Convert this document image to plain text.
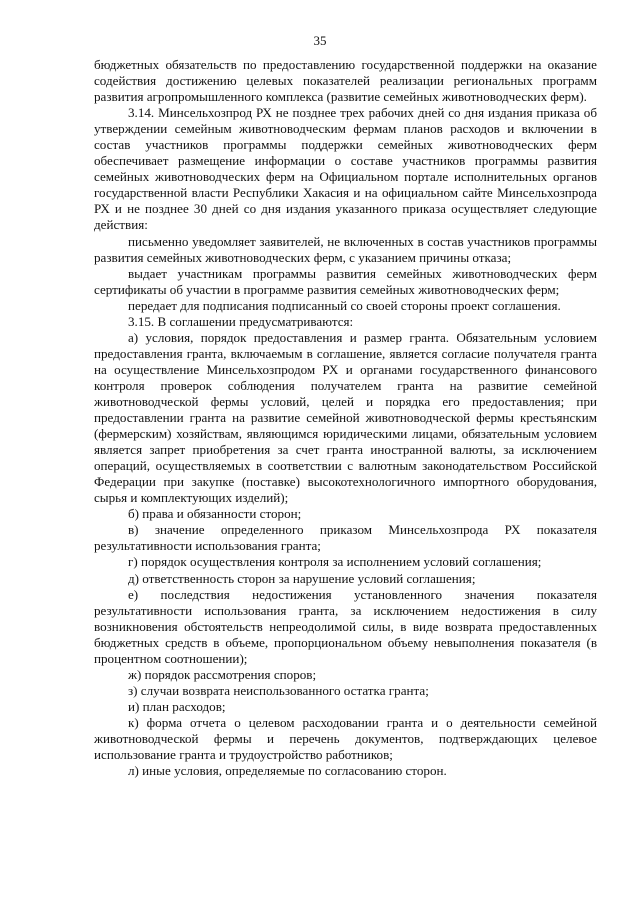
35

бюджетных обязательств по предоставлению государственной поддержки на оказание содействия достижению целевых показателей реализации региональных программ развития агропромышленного комплекса (развитие семейных животноводческих ферм).

3.14. Минсельхозпрод РХ не позднее трех рабочих дней со дня издания приказа об утверждении семейным животноводческим фермам планов расходов и включении в состав участников программы поддержки семейных животноводческих ферм обеспечивает размещение информации о составе участников программы развития семейных животноводческих ферм на Официальном портале исполнительных органов государственной власти Республики Хакасия и на официальном сайте Минсельхозпрода РХ и не позднее 30 дней со дня издания указанного приказа осуществляет следующие действия:

письменно уведомляет заявителей, не включенных в состав участников программы развития семейных животноводческих ферм, с указанием причины отказа;

выдает участникам программы развития семейных животноводческих ферм сертификаты об участии в программе развития семейных животноводческих ферм;

передает для подписания подписанный со своей стороны проект соглашения.

3.15. В соглашении предусматриваются:

а) условия, порядок предоставления и размер гранта. Обязательным условием предоставления гранта, включаемым в соглашение, является согласие получателя гранта на осуществление Минсельхозпродом РХ и органами государственного финансового контроля проверок соблюдения получателем гранта на развитие семейной животноводческой фермы условий, целей и порядка его предоставления; при предоставлении гранта на развитие семейной животноводческой фермы крестьянским (фермерским) хозяйствам, являющимся юридическими лицами, обязательным условием является запрет приобретения за счет гранта иностранной валюты, за исключением операций, осуществляемых в соответствии с валютным законодательством Российской Федерации при закупке (поставке) высокотехнологичного импортного оборудования, сырья и комплектующих изделий);

б) права и обязанности сторон;

в) значение определенного приказом Минсельхозпрода РХ показателя результативности использования гранта;

г) порядок осуществления контроля за исполнением условий соглашения;

д) ответственность сторон за нарушение условий соглашения;

е) последствия недостижения установленного значения показателя результативности использования гранта, за исключением недостижения в силу возникновения обстоятельств непреодолимой силы, в виде возврата предоставленных бюджетных средств в объеме, пропорциональном объему невыполнения показателя (в процентном соотношении);

ж) порядок рассмотрения споров;

з) случаи возврата неиспользованного остатка гранта;

и) план расходов;

к) форма отчета о целевом расходовании гранта и о деятельности семейной животноводческой фермы и перечень документов, подтверждающих целевое использование гранта и трудоустройство работников;

л) иные условия, определяемые по согласованию сторон.
